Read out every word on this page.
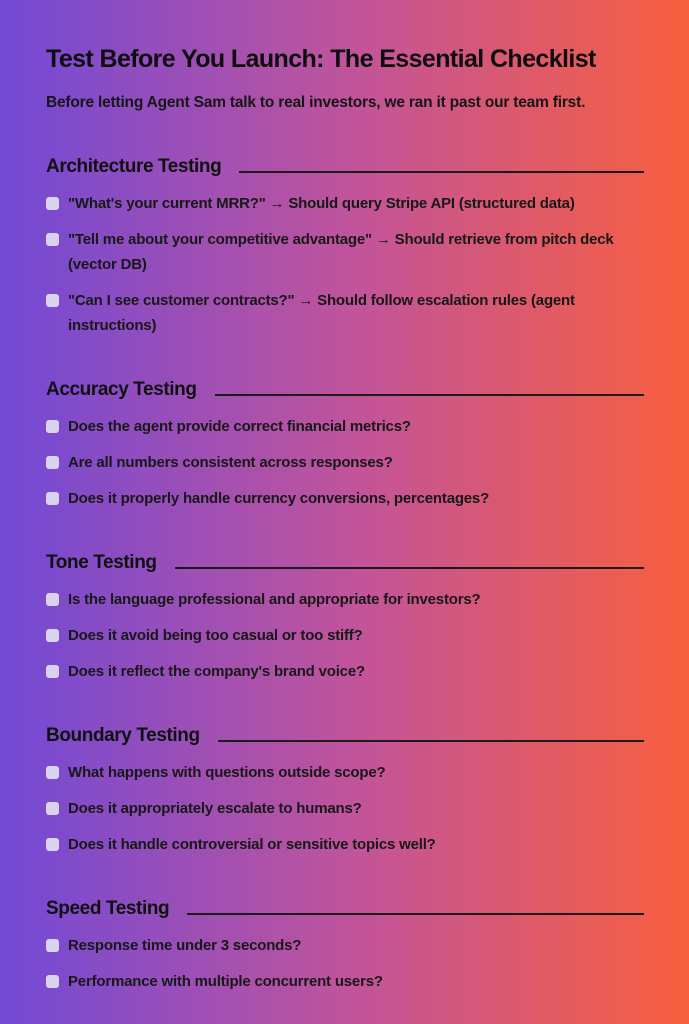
Test Before You Launch: The Essential Checklist

Before letting Agent Sam talk to real investors, we ran it past our team first.

Architecture Testing
"What's your current MRR?" → Should query Stripe API (structured data)
"Tell me about your competitive advantage" → Should retrieve from pitch deck (vector DB)
"Can I see customer contracts?" → Should follow escalation rules (agent instructions)
Accuracy Testing
Does the agent provide correct financial metrics?
Are all numbers consistent across responses?
Does it properly handle currency conversions, percentages?
Tone Testing
Is the language professional and appropriate for investors?
Does it avoid being too casual or too stiff?
Does it reflect the company's brand voice?
Boundary Testing
What happens with questions outside scope?
Does it appropriately escalate to humans?
Does it handle controversial or sensitive topics well?
Speed Testing
Response time under 3 seconds?
Performance with multiple concurrent users?
